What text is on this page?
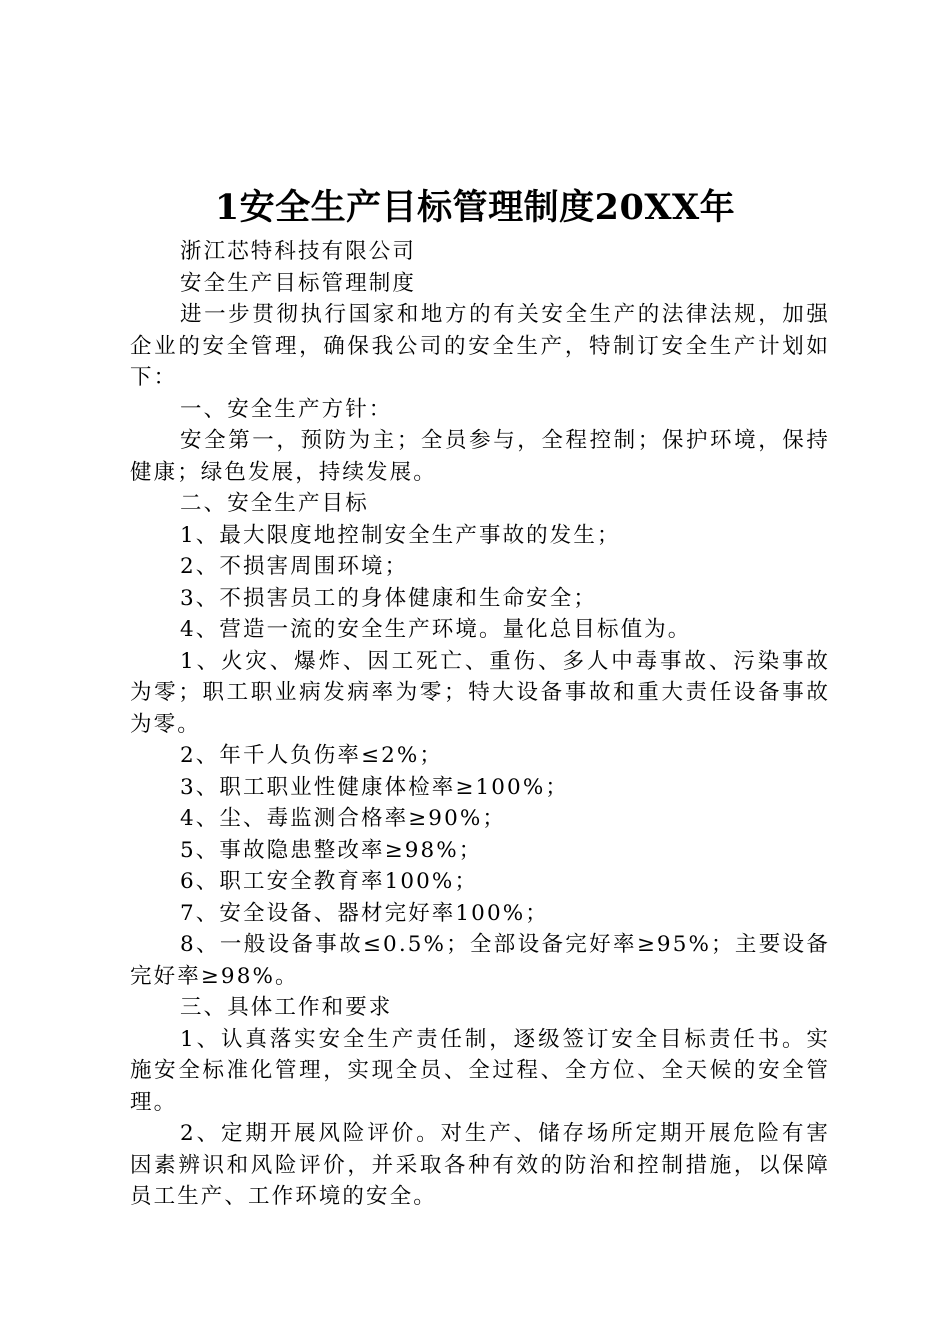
1安全生产目标管理制度20XX年

浙江芯特科技有限公司

安全生产目标管理制度

进一步贯彻执行国家和地方的有关安全生产的法律法规，加强企业的安全管理，确保我公司的安全生产，特制订安全生产计划如下：

一、安全生产方针：

安全第一，预防为主；全员参与，全程控制；保护环境，保持健康；绿色发展，持续发展。

二、安全生产目标

1、最大限度地控制安全生产事故的发生；

2、不损害周围环境；

3、不损害员工的身体健康和生命安全；

4、营造一流的安全生产环境。量化总目标值为。

1、火灾、爆炸、因工死亡、重伤、多人中毒事故、污染事故为零；职工职业病发病率为零；特大设备事故和重大责任设备事故为零。

2、年千人负伤率≤2%；

3、职工职业性健康体检率≥100%；

4、尘、毒监测合格率≥90%；

5、事故隐患整改率≥98%；

6、职工安全教育率100%；

7、安全设备、器材完好率100%；

8、一般设备事故≤0.5%；全部设备完好率≥95%；主要设备完好率≥98%。

三、具体工作和要求

1、认真落实安全生产责任制，逐级签订安全目标责任书。实施安全标准化管理，实现全员、全过程、全方位、全天候的安全管理。

2、定期开展风险评价。对生产、储存场所定期开展危险有害因素辨识和风险评价，并采取各种有效的防治和控制措施，以保障员工生产、工作环境的安全。
